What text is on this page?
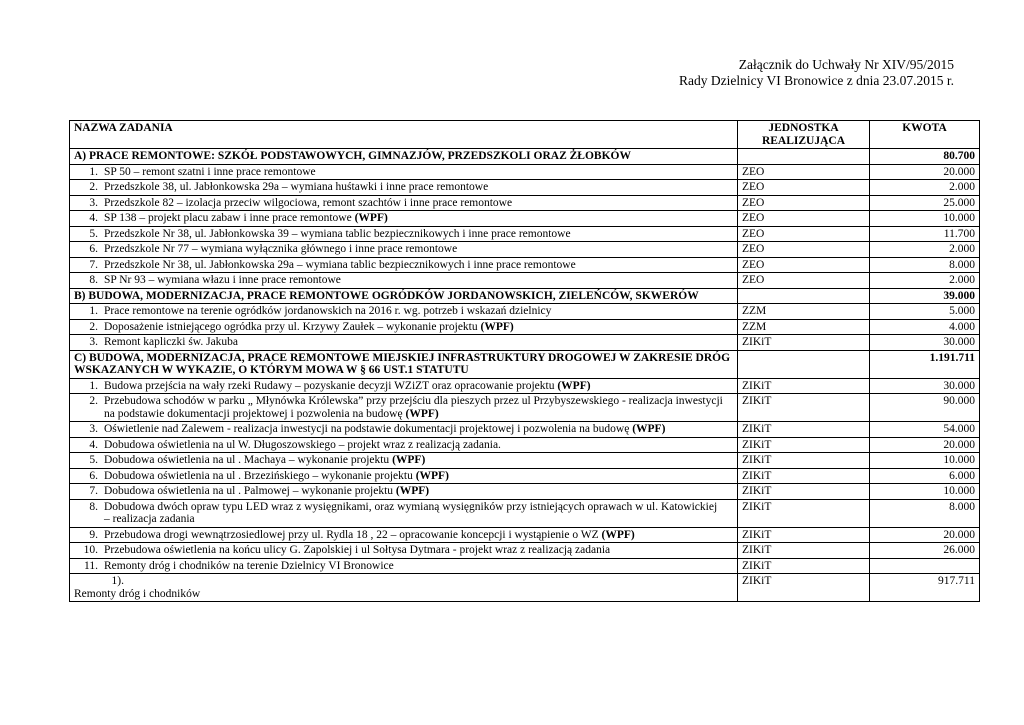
Załącznik do Uchwały Nr XIV/95/2015
Rady Dzielnicy VI Bronowice z dnia 23.07.2015 r.
NAZWA ZADANIA	JEDNOSTKA REALIZUJĄCA	KWOTA
A) PRACE REMONTOWE: SZKÓŁ PODSTAWOWYCH, GIMNAZJÓW, PRZEDSZKOLI ORAZ ŻŁOBKÓW		80.700
1. SP 50 – remont szatni i inne prace remontowe	ZEO	20.000
2. Przedszkole 38, ul. Jabłonkowska 29a – wymiana huśtawki i inne prace remontowe	ZEO	2.000
3. Przedszkole 82 – izolacja przeciw wilgociowa, remont szachtów i inne prace remontowe	ZEO	25.000
4. SP 138 – projekt placu zabaw i inne prace remontowe (WPF)	ZEO	10.000
5. Przedszkole Nr 38, ul. Jabłonkowska 39 – wymiana tablic bezpiecznikowych i inne prace remontowe	ZEO	11.700
6. Przedszkole Nr 77 – wymiana wyłącznika głównego i inne prace remontowe	ZEO	2.000
7. Przedszkole Nr 38, ul. Jabłonkowska 29a – wymiana tablic bezpiecznikowych i inne prace remontowe	ZEO	8.000
8. SP Nr 93 – wymiana włazu i inne prace remontowe	ZEO	2.000
B) BUDOWA, MODERNIZACJA, PRACE REMONTOWE OGRÓDKÓW JORDANOWSKICH, ZIELEŃCÓW, SKWERÓW		39.000
1. Prace remontowe na terenie ogródków jordanowskich na 2016 r. wg. potrzeb i wskazań dzielnicy	ZZM	5.000
2. Doposażenie istniejącego ogródka przy ul. Krzywy Zaułek – wykonanie projektu (WPF)	ZZM	4.000
3. Remont kapliczki św. Jakuba	ZIKiT	30.000
C) BUDOWA, MODERNIZACJA, PRACE REMONTOWE MIEJSKIEJ INFRASTRUKTURY DROGOWEJ W ZAKRESIE DRÓG WSKAZANYCH W WYKAZIE, O KTÓRYM MOWA W § 66 UST.1 STATUTU		1.191.711
1. Budowa przejścia na wały rzeki Rudawy – pozyskanie decyzji WZiZT oraz opracowanie projektu (WPF)	ZIKiT	30.000
2. Przebudowa schodów w parku „ Młynówka Królewska” przy przejściu dla pieszych przez ul Przybyszewskiego - realizacja inwestycji na podstawie dokumentacji projektowej i pozwolenia na budowę (WPF)	ZIKiT	90.000
3. Oświetlenie nad Zalewem - realizacja inwestycji na podstawie dokumentacji projektowej i pozwolenia na budowę (WPF)	ZIKiT	54.000
4. Dobudowa oświetlenia na ul W. Długoszowskiego – projekt wraz z realizacją zadania.	ZIKiT	20.000
5. Dobudowa oświetlenia na ul . Machaya – wykonanie projektu (WPF)	ZIKiT	10.000
6.Dobudowa oświetlenia na ul . Brzezińskiego – wykonanie projektu (WPF)	ZIKiT	6.000
7.Dobudowa oświetlenia na ul . Palmowej – wykonanie projektu (WPF)	ZIKiT	10.000
8. Dobudowa dwóch opraw typu LED wraz z wysięgnikami, oraz wymianą wysięgników przy istniejących oprawach w ul. Katowickiej – realizacja zadania	ZIKiT	8.000
9. Przebudowa drogi wewnątrzosiedlowej przy ul. Rydla 18 , 22 – opracowanie koncepcji i wystąpienie o WZ (WPF)	ZIKiT	20.000
10. Przebudowa oświetlenia na końcu ulicy G. Zapolskiej i ul Sołtysa Dytmara - projekt wraz z realizacją zadania	ZIKiT	26.000
11. Remonty dróg i chodników na terenie Dzielnicy VI Bronowice	ZIKiT	
1).Remonty dróg i chodników	ZIKiT	917.711
